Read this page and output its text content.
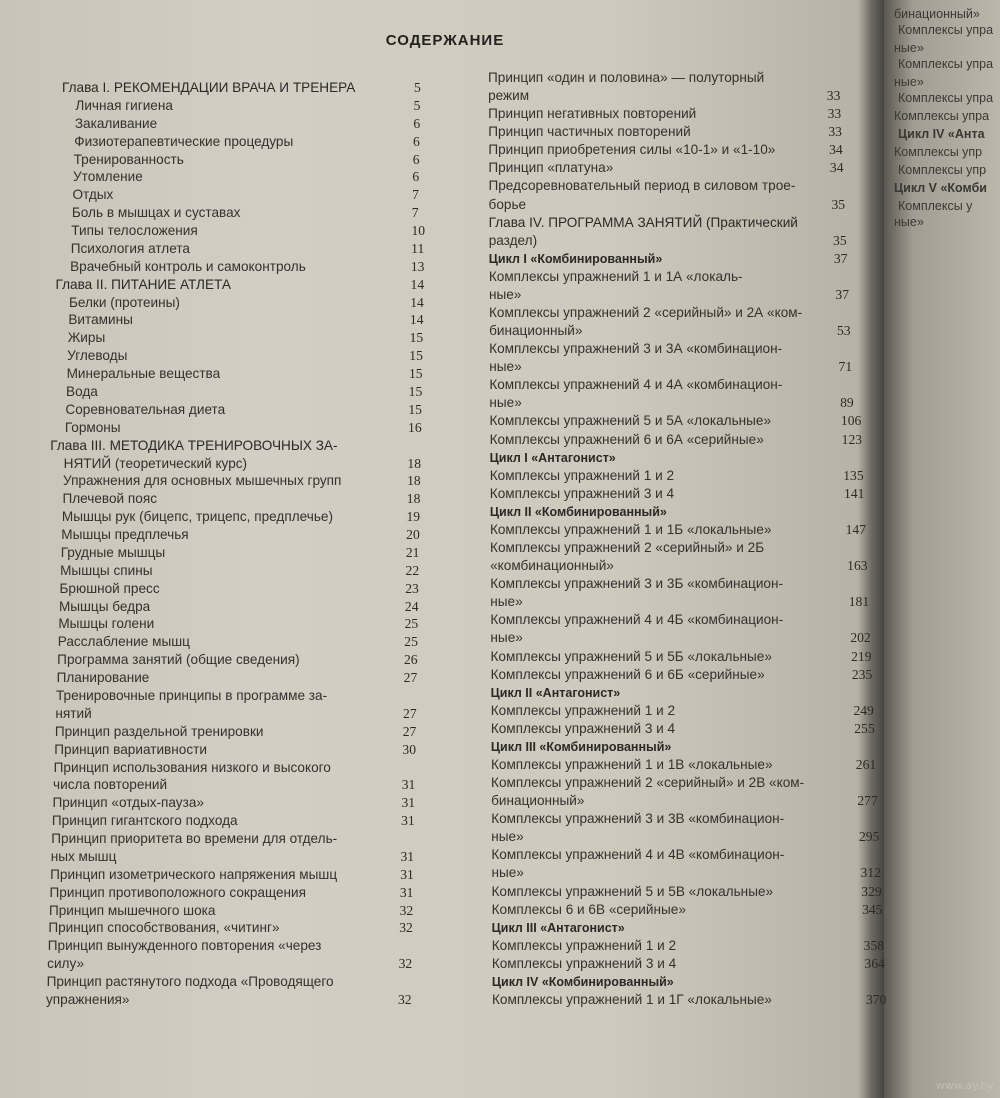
бинационный»
Комплексы упра
ные»
Комплексы упра
ные»
Комплексы упра
Комплексы упра
Цикл IV «Анта
Комплексы упр
Комплексы упр
Цикл V «Комби
Комплексы у
ные»
СОДЕРЖАНИЕ
Глава I. РЕКОМЕНДАЦИИ ВРАЧА И ТРЕНЕРА	5
Личная гигиена	5
Закаливание	6
Физиотерапевтические процедуры	6
Тренированность	6
Утомление	6
Отдых	7
Боль в мышцах и суставах	7
Типы телосложения	10
Психология атлета	11
Врачебный контроль и самоконтроль	13
Глава II. ПИТАНИЕ АТЛЕТА	14
Белки (протеины)	14
Витамины	14
Жиры	15
Углеводы	15
Минеральные вещества	15
Вода	15
Соревновательная диета	15
Гормоны	16
Глава III. МЕТОДИКА ТРЕНИРОВОЧНЫХ ЗА-
НЯТИЙ (теоретический курс)	18
Упражнения для основных мышечных групп	18
Плечевой пояс	18
Мышцы рук (бицепс, трицепс, предплечье)	19
Мышцы предплечья	20
Грудные мышцы	21
Мышцы спины	22
Брюшной пресс	23
Мышцы бедра	24
Мышцы голени	25
Расслабление мышц	25
Программа занятий (общие сведения)	26
Планирование	27
Тренировочные принципы в программе за-
нятий	27
Принцип раздельной тренировки	27
Принцип вариативности	30
Принцип использования низкого и высокого
числа повторений	31
Принцип «отдых-пауза»	31
Принцип гигантского подхода	31
Принцип приоритета во времени для отдель-
ных мышц	31
Принцип изометрического напряжения мышц	31
Принцип противоположного сокращения	31
Принцип мышечного шока	32
Принцип способствования, «читинг»	32
Принцип вынужденного повторения «через
силу»	32
Принцип растянутого подхода «Проводящего
упражнения»	32
Принцип «один и половина» — полуторный
режим	33
Принцип негативных повторений	33
Принцип частичных повторений	33
Принцип приобретения силы «10-1» и «1-10»	34
Принцип «платуна»	34
Предсоревновательный период в силовом трое-
борье	35
Глава IV. ПРОГРАММА ЗАНЯТИЙ (Практический
раздел)	35
Цикл I «Комбинированный»	37
Комплексы упражнений 1 и 1А «локаль-
ные»	37
Комплексы упражнений 2 «серийный» и 2А «ком-
бинационный»	53
Комплексы упражнений 3 и 3А «комбинацион-
ные»	71
Комплексы упражнений 4 и 4А «комбинацион-
ные»	89
Комплексы упражнений 5 и 5А «локальные»	106
Комплексы упражнений 6 и 6А «серийные»	123
Цикл I «Антагонист»
Комплексы упражнений 1 и 2	135
Комплексы упражнений 3 и 4	141
Цикл II «Комбинированный»
Комплексы упражнений 1 и 1Б «локальные»	147
Комплексы упражнений 2 «серийный» и 2Б
«комбинационный»	163
Комплексы упражнений 3 и 3Б «комбинацион-
ные»	181
Комплексы упражнений 4 и 4Б «комбинацион-
ные»	202
Комплексы упражнений 5 и 5Б «локальные»	219
Комплексы упражнений 6 и 6Б «серийные»	235
Цикл II «Антагонист»
Комплексы упражнений 1 и 2	249
Комплексы упражнений 3 и 4	255
Цикл III «Комбинированный»
Комплексы упражнений 1 и 1В «локальные»	261
Комплексы упражнений 2 «серийный» и 2В «ком-
бинационный»	277
Комплексы упражнений 3 и 3В «комбинацион-
ные»	295
Комплексы упражнений 4 и 4В «комбинацион-
ные»	312
Комплексы упражнений 5 и 5В «локальные»	329
Комплексы 6 и 6В «серийные»	345
Цикл III «Антагонист»
Комплексы упражнений 1 и 2	358
Комплексы упражнений 3 и 4	364
Цикл IV «Комбинированный»
Комплексы упражнений 1 и 1Г «локальные»	370
www.ay.by
